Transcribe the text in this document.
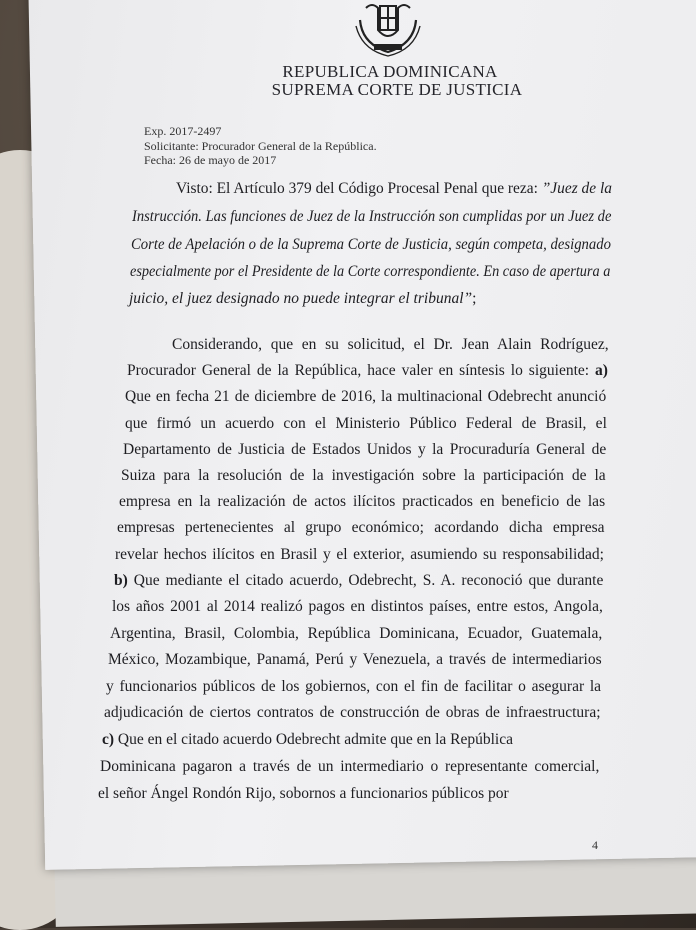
REPUBLICA DOMINICANA
SUPREMA CORTE DE JUSTICIA
Exp. 2017-2497
Solicitante: Procurador General de la República.
Fecha: 26 de mayo de 2017
Visto: El Artículo 379 del Código Procesal Penal que reza: ”Juez de la
Instrucción. Las funciones de Juez de la Instrucción son cumplidas por un Juez de
Corte de Apelación o de la Suprema Corte de Justicia, según competa, designado
especialmente por el Presidente de la Corte correspondiente. En caso de apertura a
juicio, el juez designado no puede integrar el tribunal”;
Considerando, que en su solicitud, el Dr. Jean Alain Rodríguez,
Procurador General de la República, hace valer en síntesis lo siguiente: a)
Que en fecha 21 de diciembre de 2016, la multinacional Odebrecht anunció
que firmó un acuerdo con el Ministerio Público Federal de Brasil, el
Departamento de Justicia de Estados Unidos y la Procuraduría General de
Suiza para la resolución de la investigación sobre la participación de la
empresa en la realización de actos ilícitos practicados en beneficio de las
empresas pertenecientes al grupo económico; acordando dicha empresa
revelar hechos ilícitos en Brasil y el exterior, asumiendo su responsabilidad;
b) Que mediante el citado acuerdo, Odebrecht, S. A. reconoció que durante
los años 2001 al 2014 realizó pagos en distintos países, entre estos, Angola,
Argentina, Brasil, Colombia, República Dominicana, Ecuador, Guatemala,
México, Mozambique, Panamá, Perú y Venezuela, a través de intermediarios
y funcionarios públicos de los gobiernos, con el fin de facilitar o asegurar la
adjudicación de ciertos contratos de construcción de obras de infraestructura;
c) Que en el citado acuerdo Odebrecht admite que en la República
Dominicana pagaron a través de un intermediario o representante comercial,
el señor Ángel Rondón Rijo, sobornos a funcionarios públicos por
4
